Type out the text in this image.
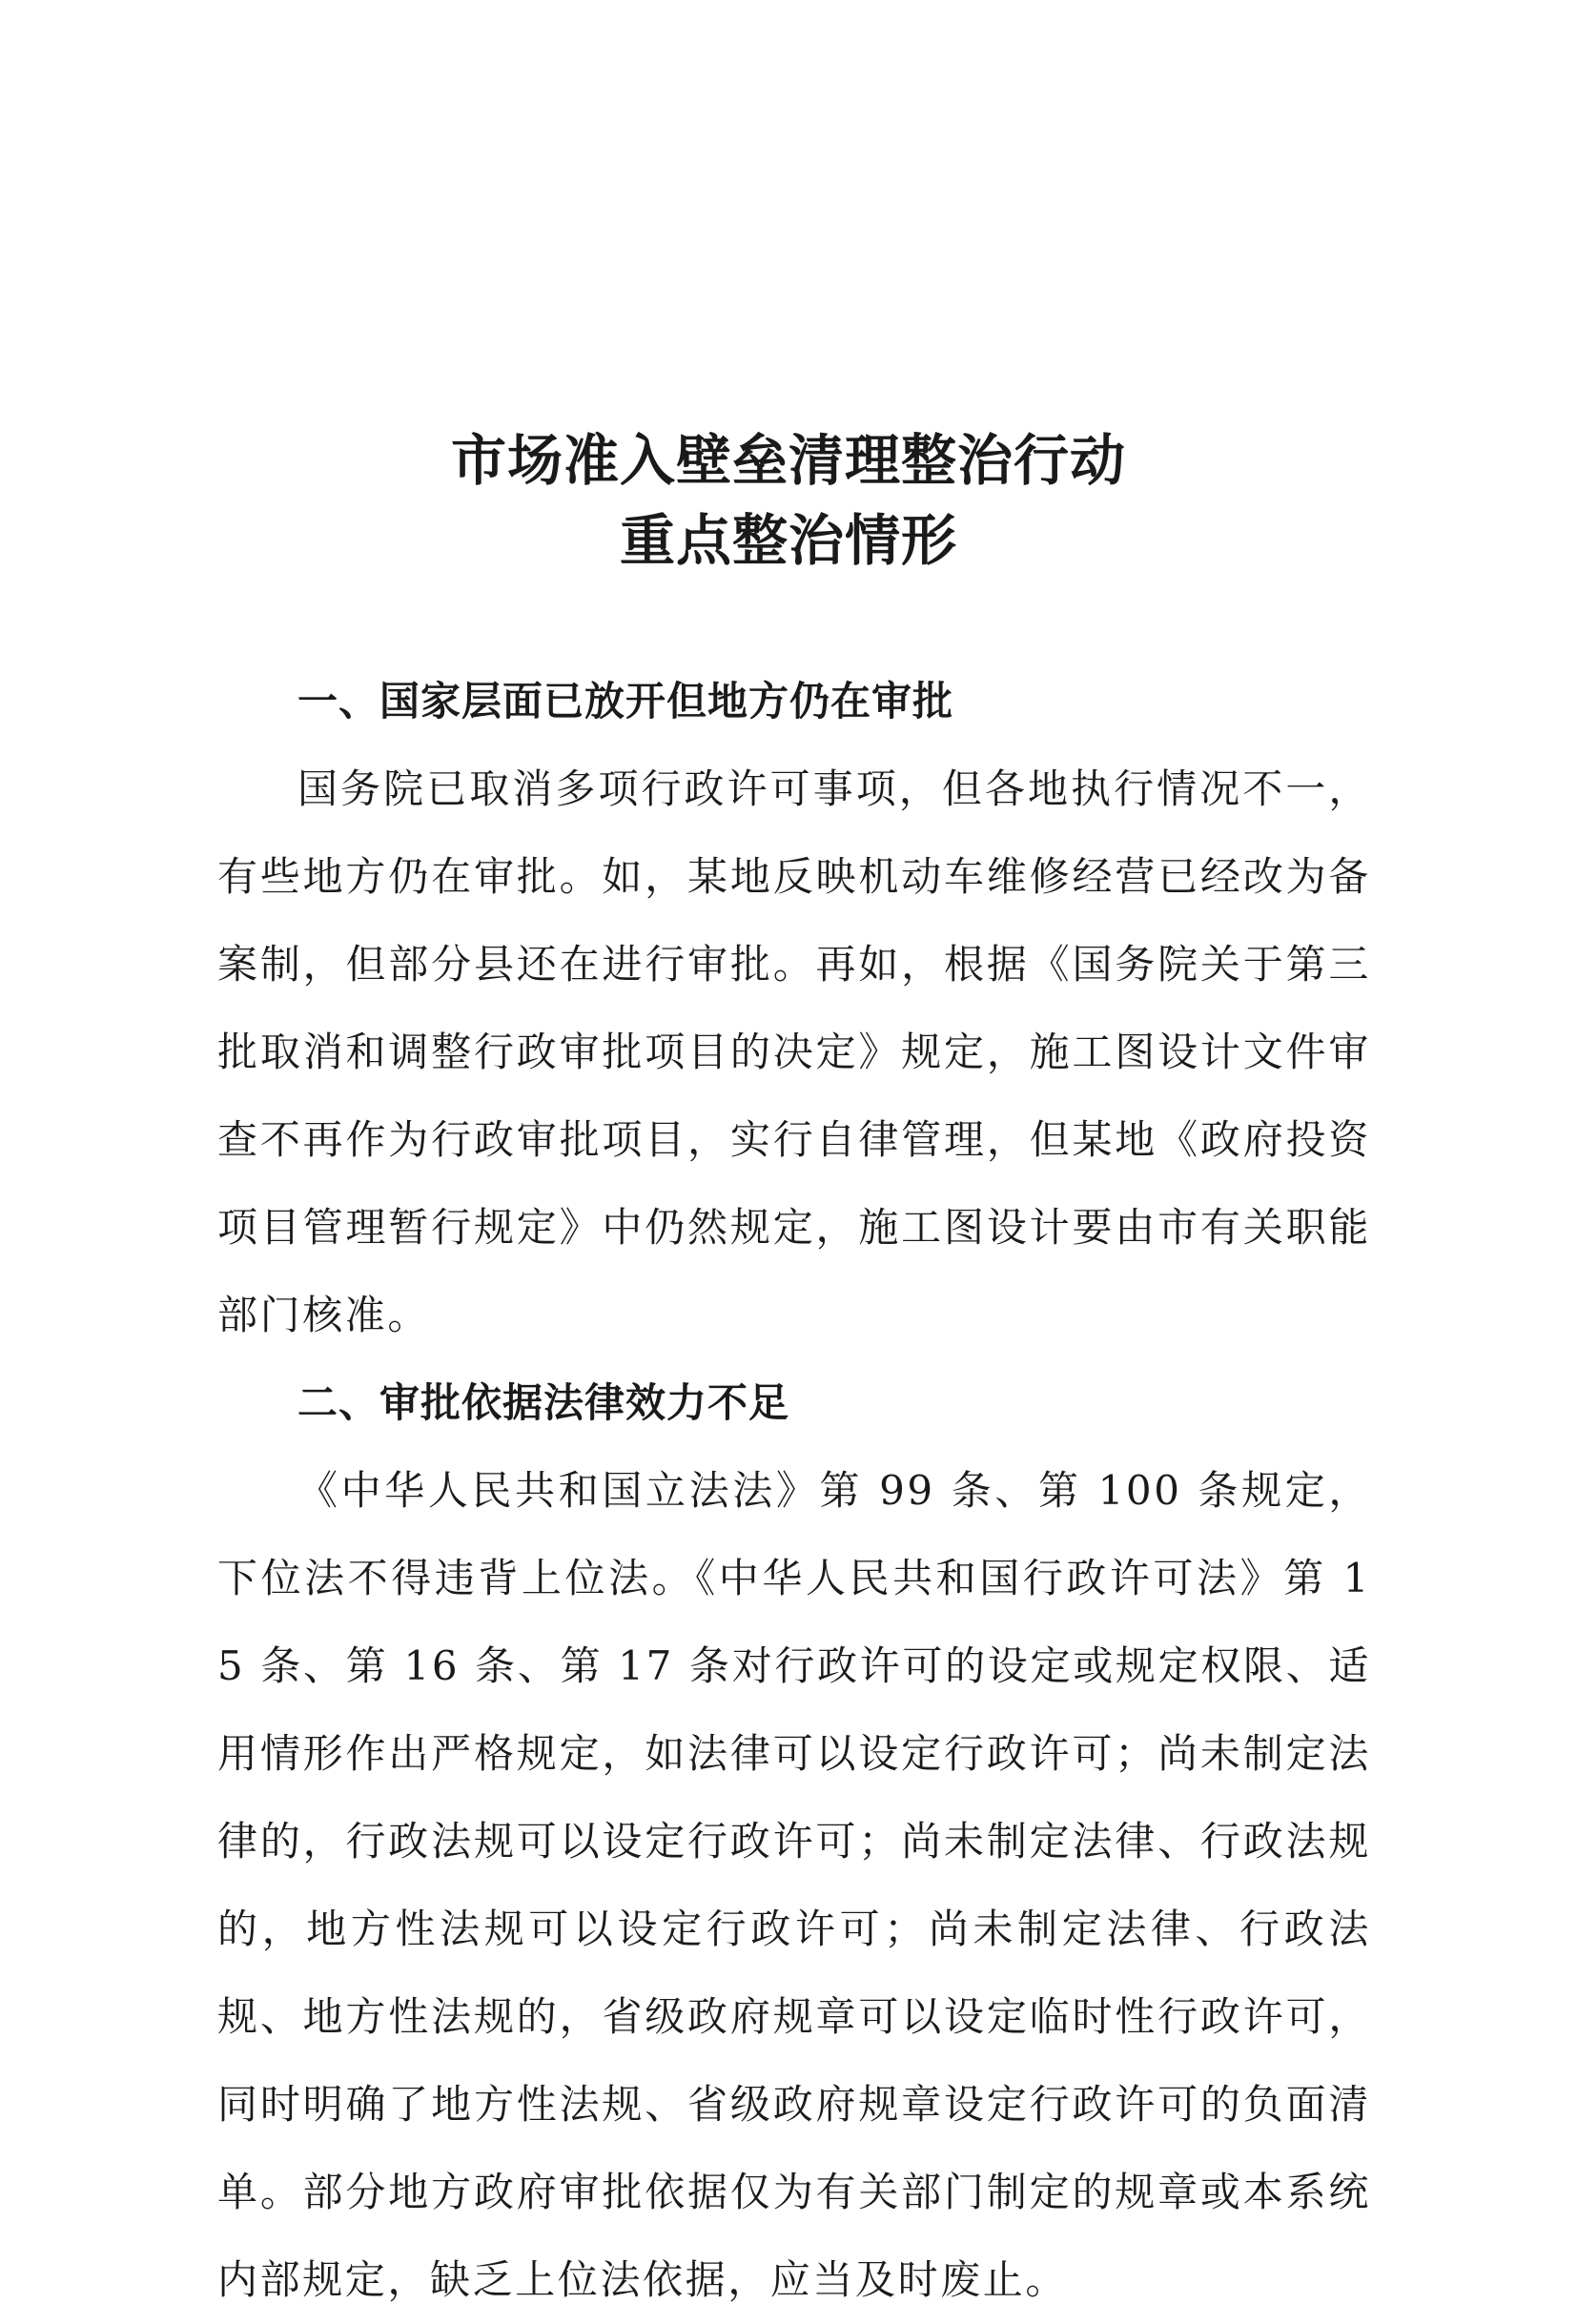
市场准入壁垒清理整治行动
重点整治情形
一、国家层面已放开但地方仍在审批

国务院已取消多项行政许可事项，但各地执行情况不一，有些地方仍在审批。如，某地反映机动车维修经营已经改为备案制，但部分县还在进行审批。再如，根据《国务院关于第三批取消和调整行政审批项目的决定》规定，施工图设计文件审查不再作为行政审批项目，实行自律管理，但某地《政府投资项目管理暂行规定》中仍然规定，施工图设计要由市有关职能部门核准。

二、审批依据法律效力不足

《中华人民共和国立法法》第 99 条、第 100 条规定，下位法不得违背上位法。《中华人民共和国行政许可法》第 15 条、第 16 条、第 17 条对行政许可的设定或规定权限、适用情形作出严格规定，如法律可以设定行政许可；尚未制定法律的，行政法规可以设定行政许可；尚未制定法律、行政法规的，地方性法规可以设定行政许可；尚未制定法律、行政法规、地方性法规的，省级政府规章可以设定临时性行政许可，同时明确了地方性法规、省级政府规章设定行政许可的负面清单。部分地方政府审批依据仅为有关部门制定的规章或本系统内部规定，缺乏上位法依据，应当及时废止。
